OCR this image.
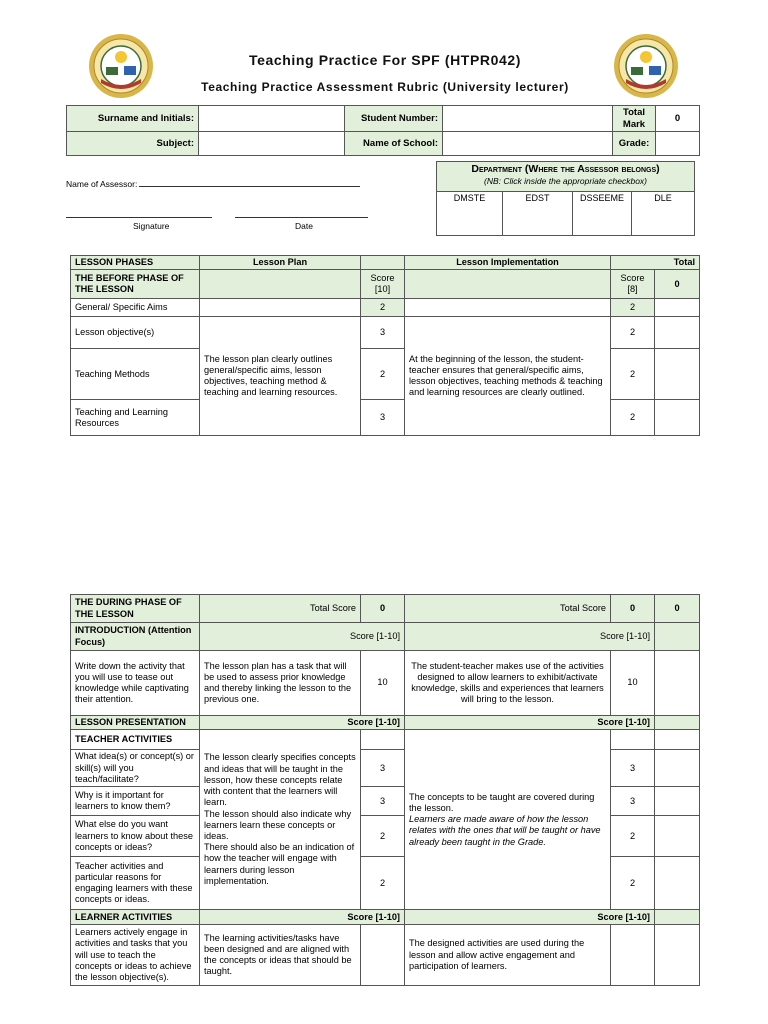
Teaching Practice For SPF (HTPR042)
Teaching Practice Assessment Rubric (University lecturer)
Surname and Initials:		Student Number:		Total Mark	0
Subject:		Name of School:		Grade:	
Name of Assessor:
Signature	Date
Department (Where the Assessor belongs)
(NB: Click inside the appropriate checkbox)

DMSTE	EDST	DSSEEME	DLE
LESSON PHASES	Lesson Plan		Lesson Implementation	Total	
THE BEFORE PHASE OF THE LESSON		Score [10]		Score [8]	0
General/ Specific Aims		2		2	
Lesson objective(s)	The lesson plan clearly outlines general/specific aims, lesson objectives, teaching method & teaching and learning resources.	3	At the beginning of the lesson, the student-teacher ensures that general/specific aims, lesson objectives, teaching methods & teaching and learning resources are clearly outlined.	2	
Teaching Methods		2		2	
Teaching and Learning Resources		3		2	
THE DURING PHASE OF THE LESSON	Total Score	0	Total Score	0	0
INTRODUCTION (Attention Focus)	Score [1-10]		Score [1-10]		
Write down the activity that you will use to tease out knowledge while captivating their attention.	The lesson plan has a task that will be used to assess prior knowledge and thereby linking the lesson to the previous one.	10	The student-teacher makes use of the activities designed to allow learners to exhibit/activate knowledge, skills and experiences that learners will bring to the lesson.	10	
LESSON PRESENTATION	Score [1-10]		Score [1-10]		
TEACHER ACTIVITIES	The lesson clearly specifies concepts and ideas that will be taught in the lesson, how these concepts relate with content that the learners will learn.
The lesson should also indicate why learners learn these concepts or ideas.
There should also be an indication of how the teacher will engage with learners during lesson implementation.		The concepts to be taught are covered during the lesson.
Learners are made aware of how the lesson relates with the ones that will be taught or have already been taught in the Grade.		
What idea(s) or concept(s) or skill(s) will you teach/facilitate?		3		3	
Why is it important for learners to know them?		3		3	
What else do you want learners to know about these concepts or ideas?		2		2	
Teacher activities and particular reasons for engaging learners with these concepts or ideas.		2		2	
LEARNER ACTIVITIES	Score [1-10]		Score [1-10]		
Learners actively engage in activities and tasks that you will use to teach the concepts or ideas to achieve the lesson objective(s).	The learning activities/tasks have been designed and are aligned with the concepts or ideas that should be taught.		The designed activities are used during the lesson and allow active engagement and participation of learners.		
